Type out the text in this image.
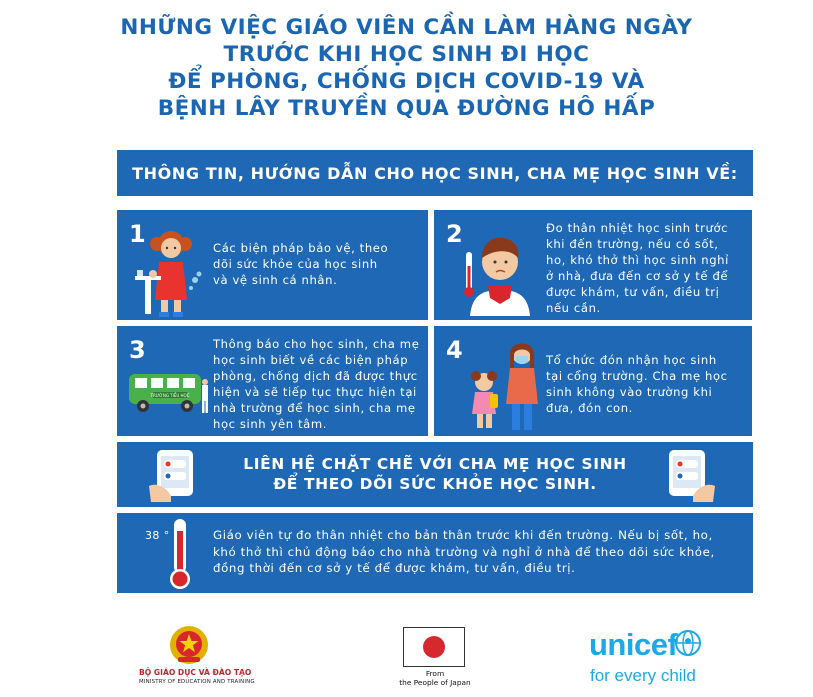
NHỮNG VIỆC GIÁO VIÊN CẦN LÀM HÀNG NGÀY
TRƯỚC KHI HỌC SINH ĐI HỌC
ĐỂ PHÒNG, CHỐNG DỊCH COVID-19 VÀ
BỆNH LÂY TRUYỀN QUA ĐƯỜNG HÔ HẤP
THÔNG TIN, HƯỚNG DẪN CHO HỌC SINH, CHA MẸ HỌC SINH VỀ:
1	Các biện pháp bảo vệ, theo
dõi sức khỏe của học sinh
và vệ sinh cá nhân.
2	Đo thân nhiệt học sinh trước
khi đến trường, nếu có sốt,
ho, khó thở thì học sinh nghỉ
ở nhà, đưa đến cơ sở y tế để
được khám, tư vấn, điều trị
nếu cần.
3
TRƯỜNG TIỂU HỌC
Thông báo cho học sinh, cha mẹ
học sinh biết về các biện pháp
phòng, chống dịch đã được thực
hiện và sẽ tiếp tục thực hiện tại
nhà trường để học sinh, cha mẹ
học sinh yên tâm.
4	Tổ chức đón nhận học sinh
tại cổng trường. Cha mẹ học
sinh không vào trường khi
đưa, đón con.
LIÊN HỆ CHẶT CHẼ VỚI CHA MẸ HỌC SINH
ĐỂ THEO DÕI SỨC KHỎE HỌC SINH.
38 °	Giáo viên tự đo thân nhiệt cho bản thân trước khi đến trường. Nếu bị sốt, ho,
khó thở thì chủ động báo cho nhà trường và nghỉ ở nhà để theo dõi sức khỏe,
đồng thời đến cơ sở y tế để được khám, tư vấn, điều trị.
BỘ GIÁO DỤC VÀ ĐÀO TẠO
MINISTRY OF EDUCATION AND TRAINING
From
the People of Japan
unicef
for every child
